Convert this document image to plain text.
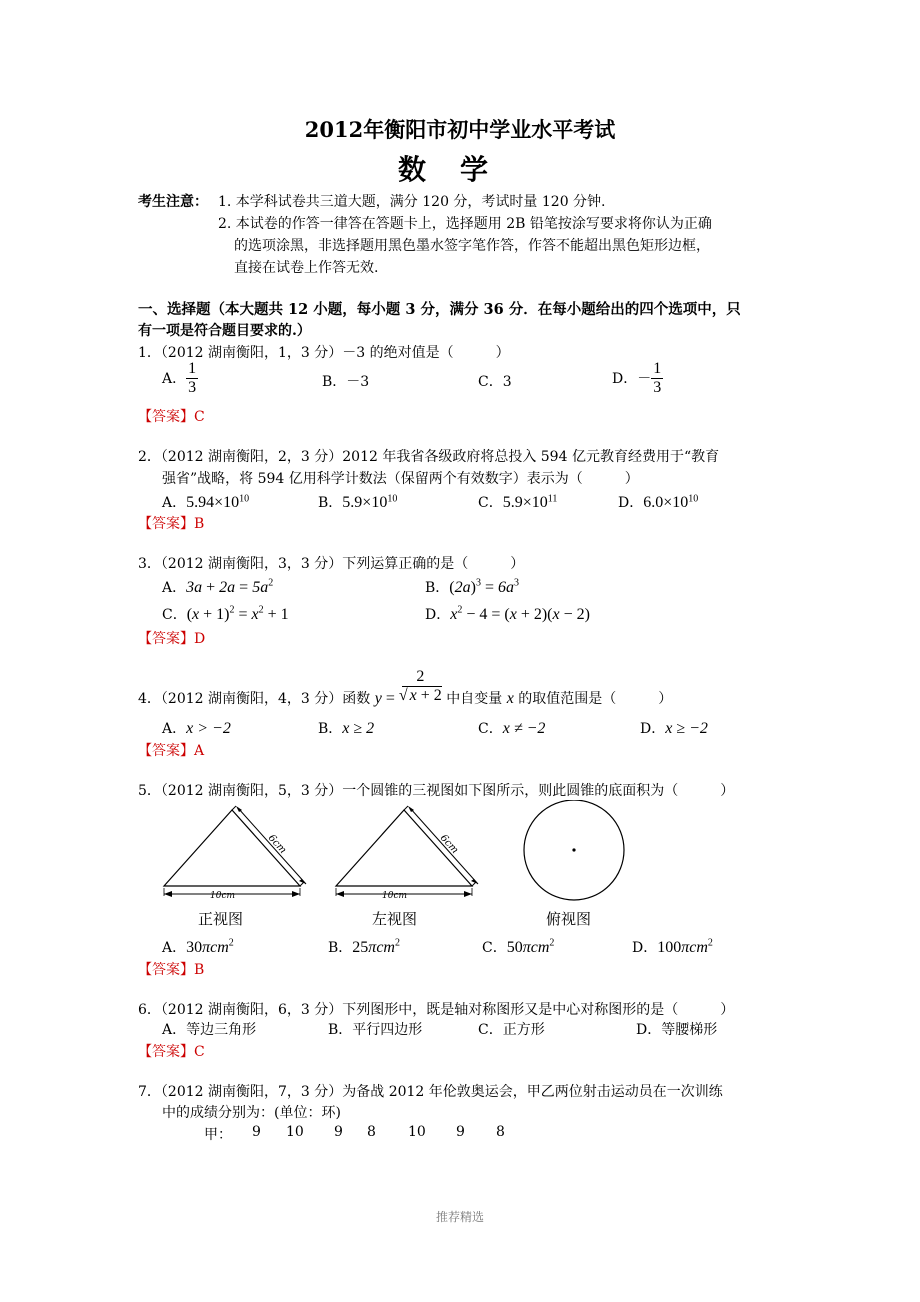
2012年衡阳市初中学业水平考试
数学
考生注意： 1. 本学科试卷共三道大题，满分 120 分，考试时量 120 分钟.
2. 本试卷的作答一律答在答题卡上，选择题用 2B 铅笔按涂写要求将你认为正确
的选项涂黑，非选择题用黑色墨水签字笔作答，作答不能超出黑色矩形边框，
直接在试卷上作答无效.
一、选择题（本大题共 12 小题，每小题 3 分，满分 36 分．在每小题给出的四个选项中，只
有一项是符合题目要求的.）
1．（2012 湖南衡阳，1，3 分）－3 的绝对值是（　　　）
A． $\frac{1}{3}$	B．－3	C．3	D．－ $\frac{1}{3}$
【答案】C
2．（2012 湖南衡阳，2，3 分）2012 年我省各级政府将总投入 594 亿元教育经费用于“教育
强省”战略，将 594 亿用科学计数法（保留两个有效数字）表示为（　　　）
A．$5.94\times 10^{10}$	B．$5.9\times 10^{10}$	C．$5.9\times 10^{11}$	D．$6.0\times 10^{10}$
【答案】B
3．（2012 湖南衡阳，3，3 分）下列运算正确的是（　　　）
A．$3a + 2a = 5a^2$	B．$(2a)^3 = 6a^3$
C．$(x + 1)^2 = x^2 + 1$	D．$x^2 - 4 = (x + 2)(x - 2)$
【答案】D
4．（2012 湖南衡阳，4，3 分）函数 $y = \frac{2}{√ x + 2}$ 中自变量 x 的取值范围是（　　　）
A．x > −2	B．x ≥ 2	C．x ≠ −2	D．x ≥ −2
【答案】A
5．（2012 湖南衡阳，5，3 分）一个圆锥的三视图如下图所示，则此圆锥的底面积为（　　　）
6cm
10cm
6cm
10cm
正视图	左视图	俯视图
A．30πcm$^2$	B．25πcm$^2$	C．50πcm$^2$	D．100πcm$^2$
【答案】B
6．（2012 湖南衡阳，6，3 分）下列图形中，既是轴对称图形又是中心对称图形的是（　　　）
A．等边三角形	B．平行四边形	C．正方形	D．等腰梯形
【答案】C
7．（2012 湖南衡阳，7，3 分）为备战 2012 年伦敦奥运会，甲乙两位射击运动员在一次训练
中的成绩分别为：(单位：环)
甲： 9 10 9 8 10 9 8
推荐精选
